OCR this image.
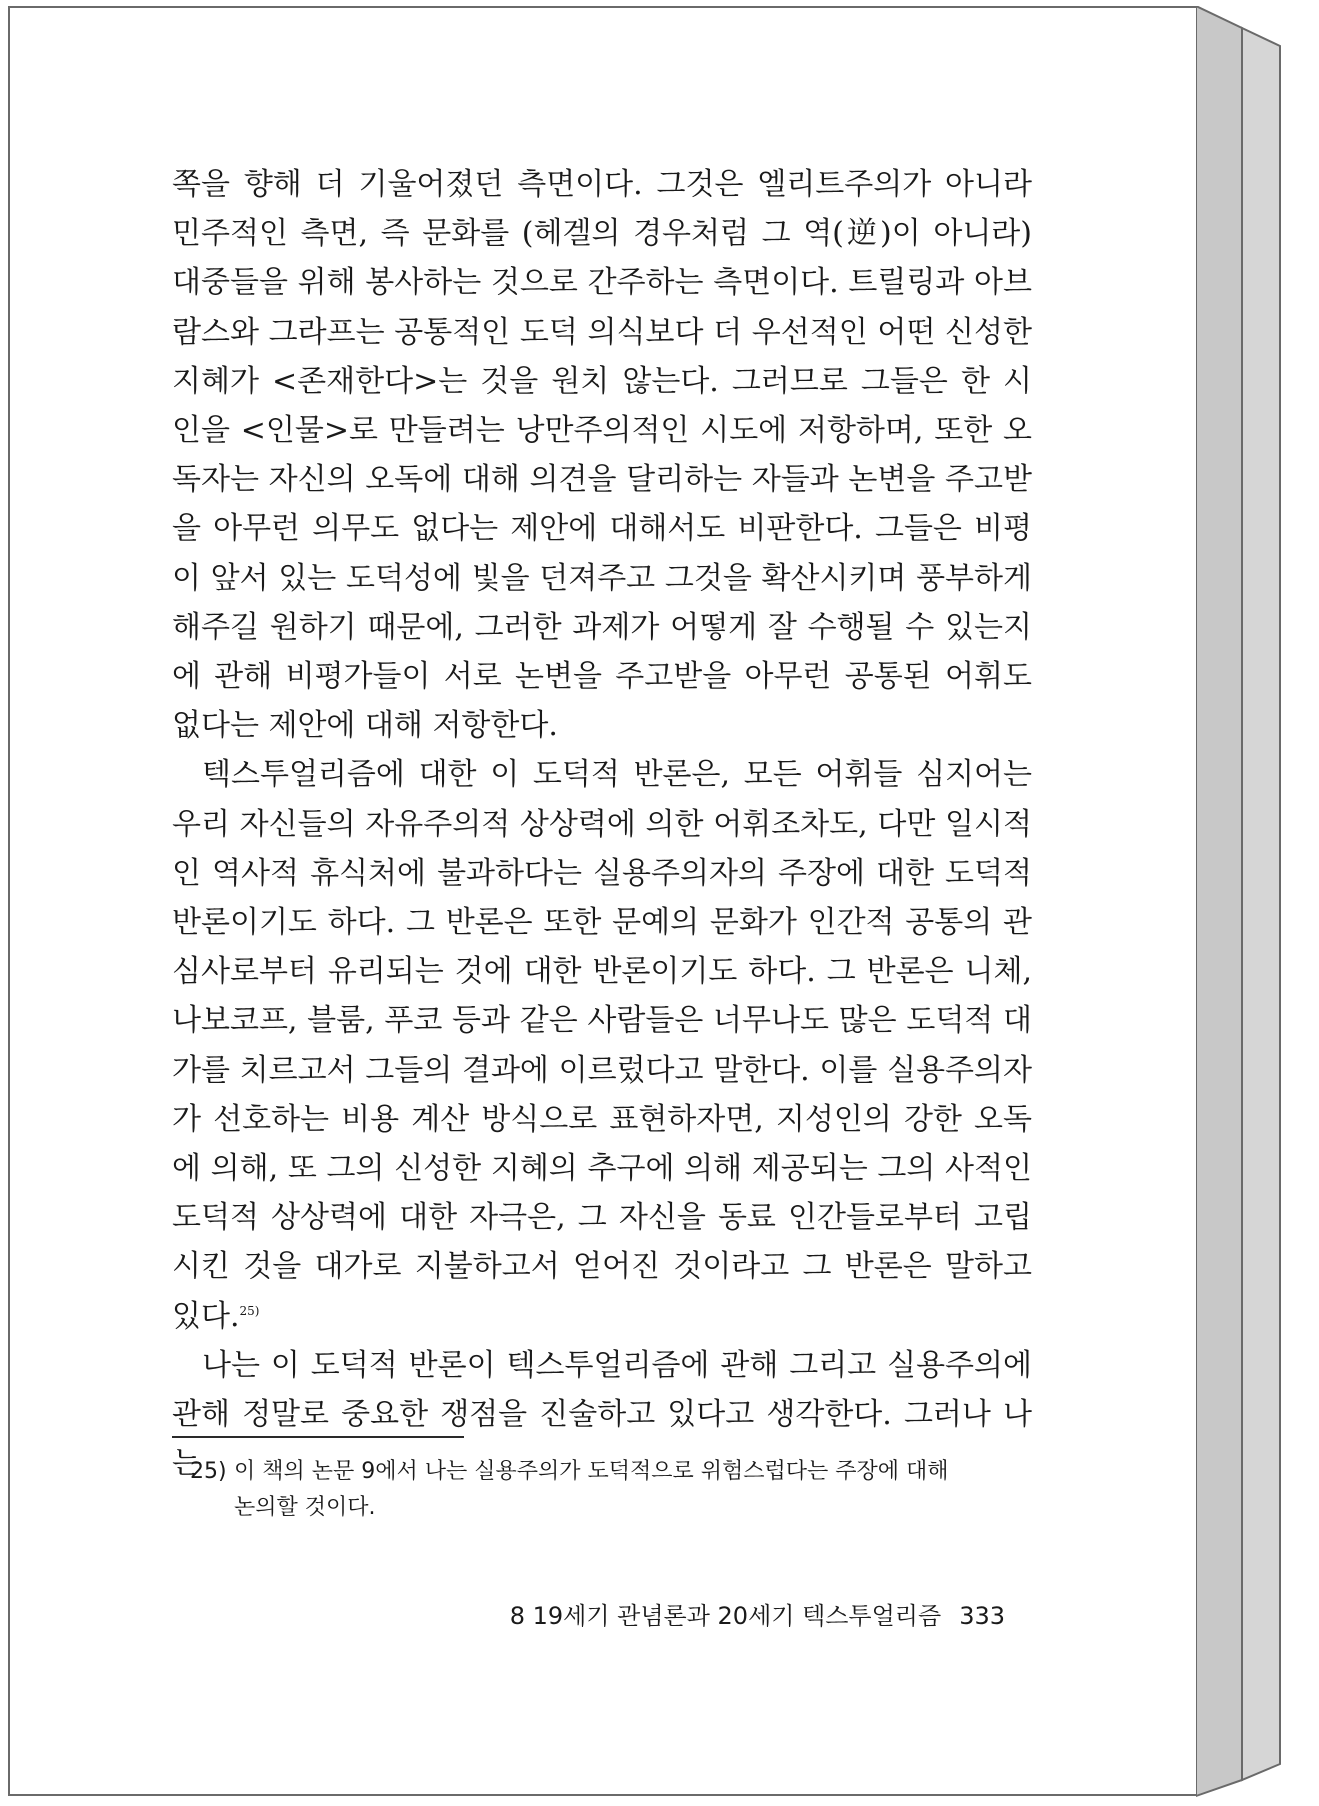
쪽을 향해 더 기울어졌던 측면이다. 그것은 엘리트주의가 아니라 민주적인 측면, 즉 문화를 (헤겔의 경우처럼 그 역(逆)이 아니라) 대중들을 위해 봉사하는 것으로 간주하는 측면이다. 트릴링과 아브람스와 그라프는 공통적인 도덕 의식보다 더 우선적인 어떤 신성한 지혜가 <존재한다>는 것을 원치 않는다. 그러므로 그들은 한 시인을 <인물>로 만들려는 낭만주의적인 시도에 저항하며, 또한 오독자는 자신의 오독에 대해 의견을 달리하는 자들과 논변을 주고받을 아무런 의무도 없다는 제안에 대해서도 비판한다. 그들은 비평이 앞서 있는 도덕성에 빛을 던져주고 그것을 확산시키며 풍부하게 해주길 원하기 때문에, 그러한 과제가 어떻게 잘 수행될 수 있는지에 관해 비평가들이 서로 논변을 주고받을 아무런 공통된 어휘도 없다는 제안에 대해 저항한다.

텍스투얼리즘에 대한 이 도덕적 반론은, 모든 어휘들 심지어는 우리 자신들의 자유주의적 상상력에 의한 어휘조차도, 다만 일시적인 역사적 휴식처에 불과하다는 실용주의자의 주장에 대한 도덕적 반론이기도 하다. 그 반론은 또한 문예의 문화가 인간적 공통의 관심사로부터 유리되는 것에 대한 반론이기도 하다. 그 반론은 니체, 나보코프, 블룸, 푸코 등과 같은 사람들은 너무나도 많은 도덕적 대가를 치르고서 그들의 결과에 이르렀다고 말한다. 이를 실용주의자가 선호하는 비용 계산 방식으로 표현하자면, 지성인의 강한 오독에 의해, 또 그의 신성한 지혜의 추구에 의해 제공되는 그의 사적인 도덕적 상상력에 대한 자극은, 그 자신을 동료 인간들로부터 고립시킨 것을 대가로 지불하고서 얻어진 것이라고 그 반론은 말하고 있다.$^{25)}$

나는 이 도덕적 반론이 텍스투얼리즘에 관해 그리고 실용주의에 관해 정말로 중요한 쟁점을 진술하고 있다고 생각한다. 그러나 나는

25) 이 책의 논문 9에서 나는 실용주의가 도덕적으로 위험스럽다는 주장에 대해
논의할 것이다.
8 19세기 관념론과 20세기 텍스투얼리즘 333
